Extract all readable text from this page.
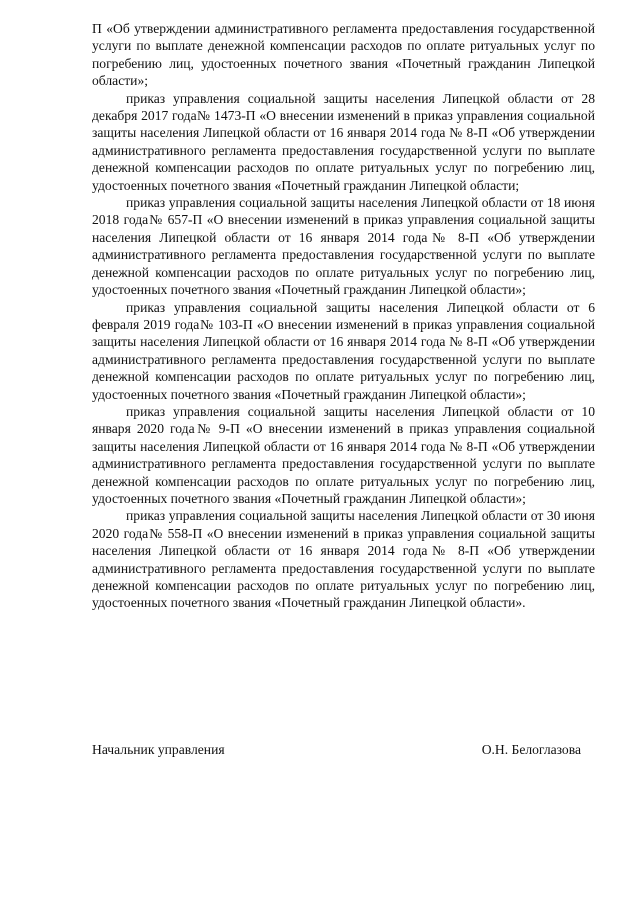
П «Об утверждении административного регламента предоставления государственной услуги по выплате денежной компенсации расходов по оплате ритуальных услуг по погребению лиц, удостоенных почетного звания «Почетный гражданин Липецкой области»;

приказ управления социальной защиты населения Липецкой области от 28 декабря 2017 года№ 1473-П «О внесении изменений в приказ управления социальной защиты населения Липецкой области от 16 января 2014 года № 8-П «Об утверждении административного регламента предоставления государственной услуги по выплате денежной компенсации расходов по оплате ритуальных услуг по погребению лиц, удостоенных почетного звания «Почетный гражданин Липецкой области;

приказ управления социальной защиты населения Липецкой области от 18 июня 2018 года№ 657-П «О внесении изменений в приказ управления социальной защиты населения Липецкой области от 16 января 2014 года№ 8-П «Об утверждении административного регламента предоставления государственной услуги по выплате денежной компенсации расходов по оплате ритуальных услуг по погребению лиц, удостоенных почетного звания «Почетный гражданин Липецкой области»;

приказ управления социальной защиты населения Липецкой области от 6 февраля 2019 года№ 103-П «О внесении изменений в приказ управления социальной защиты населения Липецкой области от 16 января 2014 года № 8-П «Об утверждении административного регламента предоставления государственной услуги по выплате денежной компенсации расходов по оплате ритуальных услуг по погребению лиц, удостоенных почетного звания «Почетный гражданин Липецкой области»;

приказ управления социальной защиты населения Липецкой области от 10 января 2020 года№ 9-П «О внесении изменений в приказ управления социальной защиты населения Липецкой области от 16 января 2014 года № 8-П «Об утверждении административного регламента предоставления государственной услуги по выплате денежной компенсации расходов по оплате ритуальных услуг по погребению лиц, удостоенных почетного звания «Почетный гражданин Липецкой области»;

приказ управления социальной защиты населения Липецкой области от 30 июня 2020 года№ 558-П «О внесении изменений в приказ управления социальной защиты населения Липецкой области от 16 января 2014 года№ 8-П «Об утверждении административного регламента предоставления государственной услуги по выплате денежной компенсации расходов по оплате ритуальных услуг по погребению лиц, удостоенных почетного звания «Почетный гражданин Липецкой области».

Начальник управления	О.Н. Белоглазова
